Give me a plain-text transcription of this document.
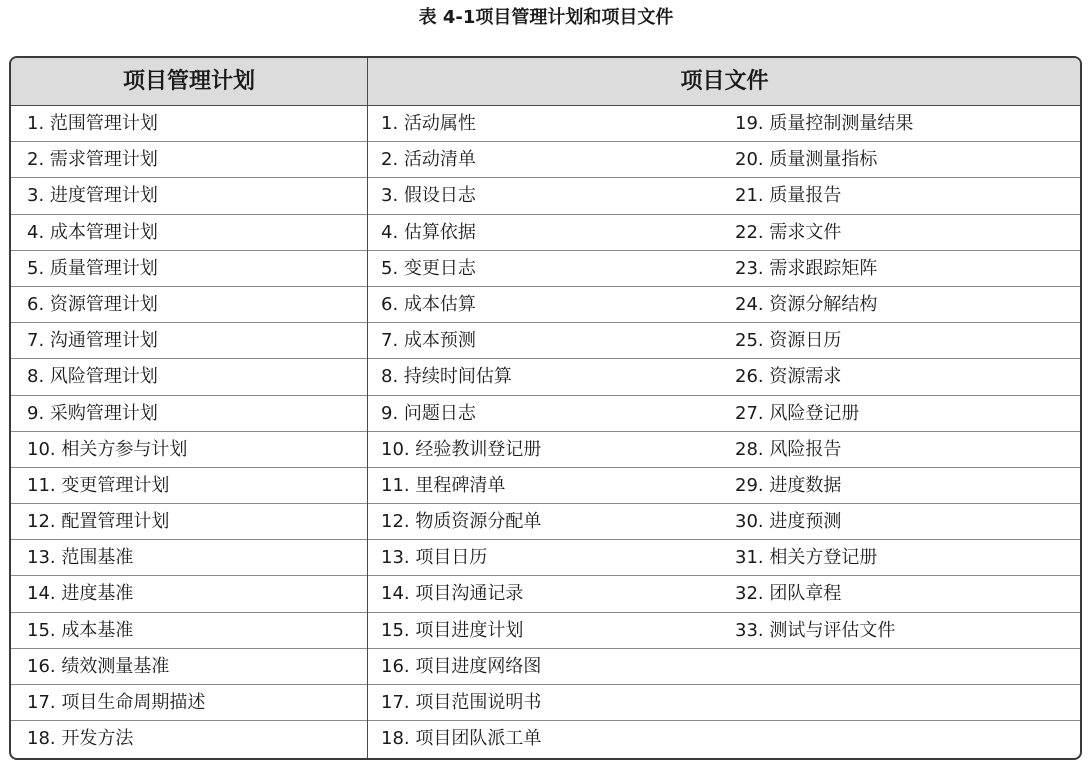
表 4-1项目管理计划和项目文件
项目管理计划	项目文件
1. 范围管理计划	1. 活动属性	19. 质量控制测量结果
2. 需求管理计划	2. 活动清单	20. 质量测量指标
3. 进度管理计划	3. 假设日志	21. 质量报告
4. 成本管理计划	4. 估算依据	22. 需求文件
5. 质量管理计划	5. 变更日志	23. 需求跟踪矩阵
6. 资源管理计划	6. 成本估算	24. 资源分解结构
7. 沟通管理计划	7. 成本预测	25. 资源日历
8. 风险管理计划	8. 持续时间估算	26. 资源需求
9. 采购管理计划	9. 问题日志	27. 风险登记册
10. 相关方参与计划	10. 经验教训登记册	28. 风险报告
11. 变更管理计划	11. 里程碑清单	29. 进度数据
12. 配置管理计划	12. 物质资源分配单	30. 进度预测
13. 范围基准	13. 项目日历	31. 相关方登记册
14. 进度基准	14. 项目沟通记录	32. 团队章程
15. 成本基准	15. 项目进度计划	33. 测试与评估文件
16. 绩效测量基准	16. 项目进度网络图
17. 项目生命周期描述	17. 项目范围说明书
18. 开发方法	18. 项目团队派工单
